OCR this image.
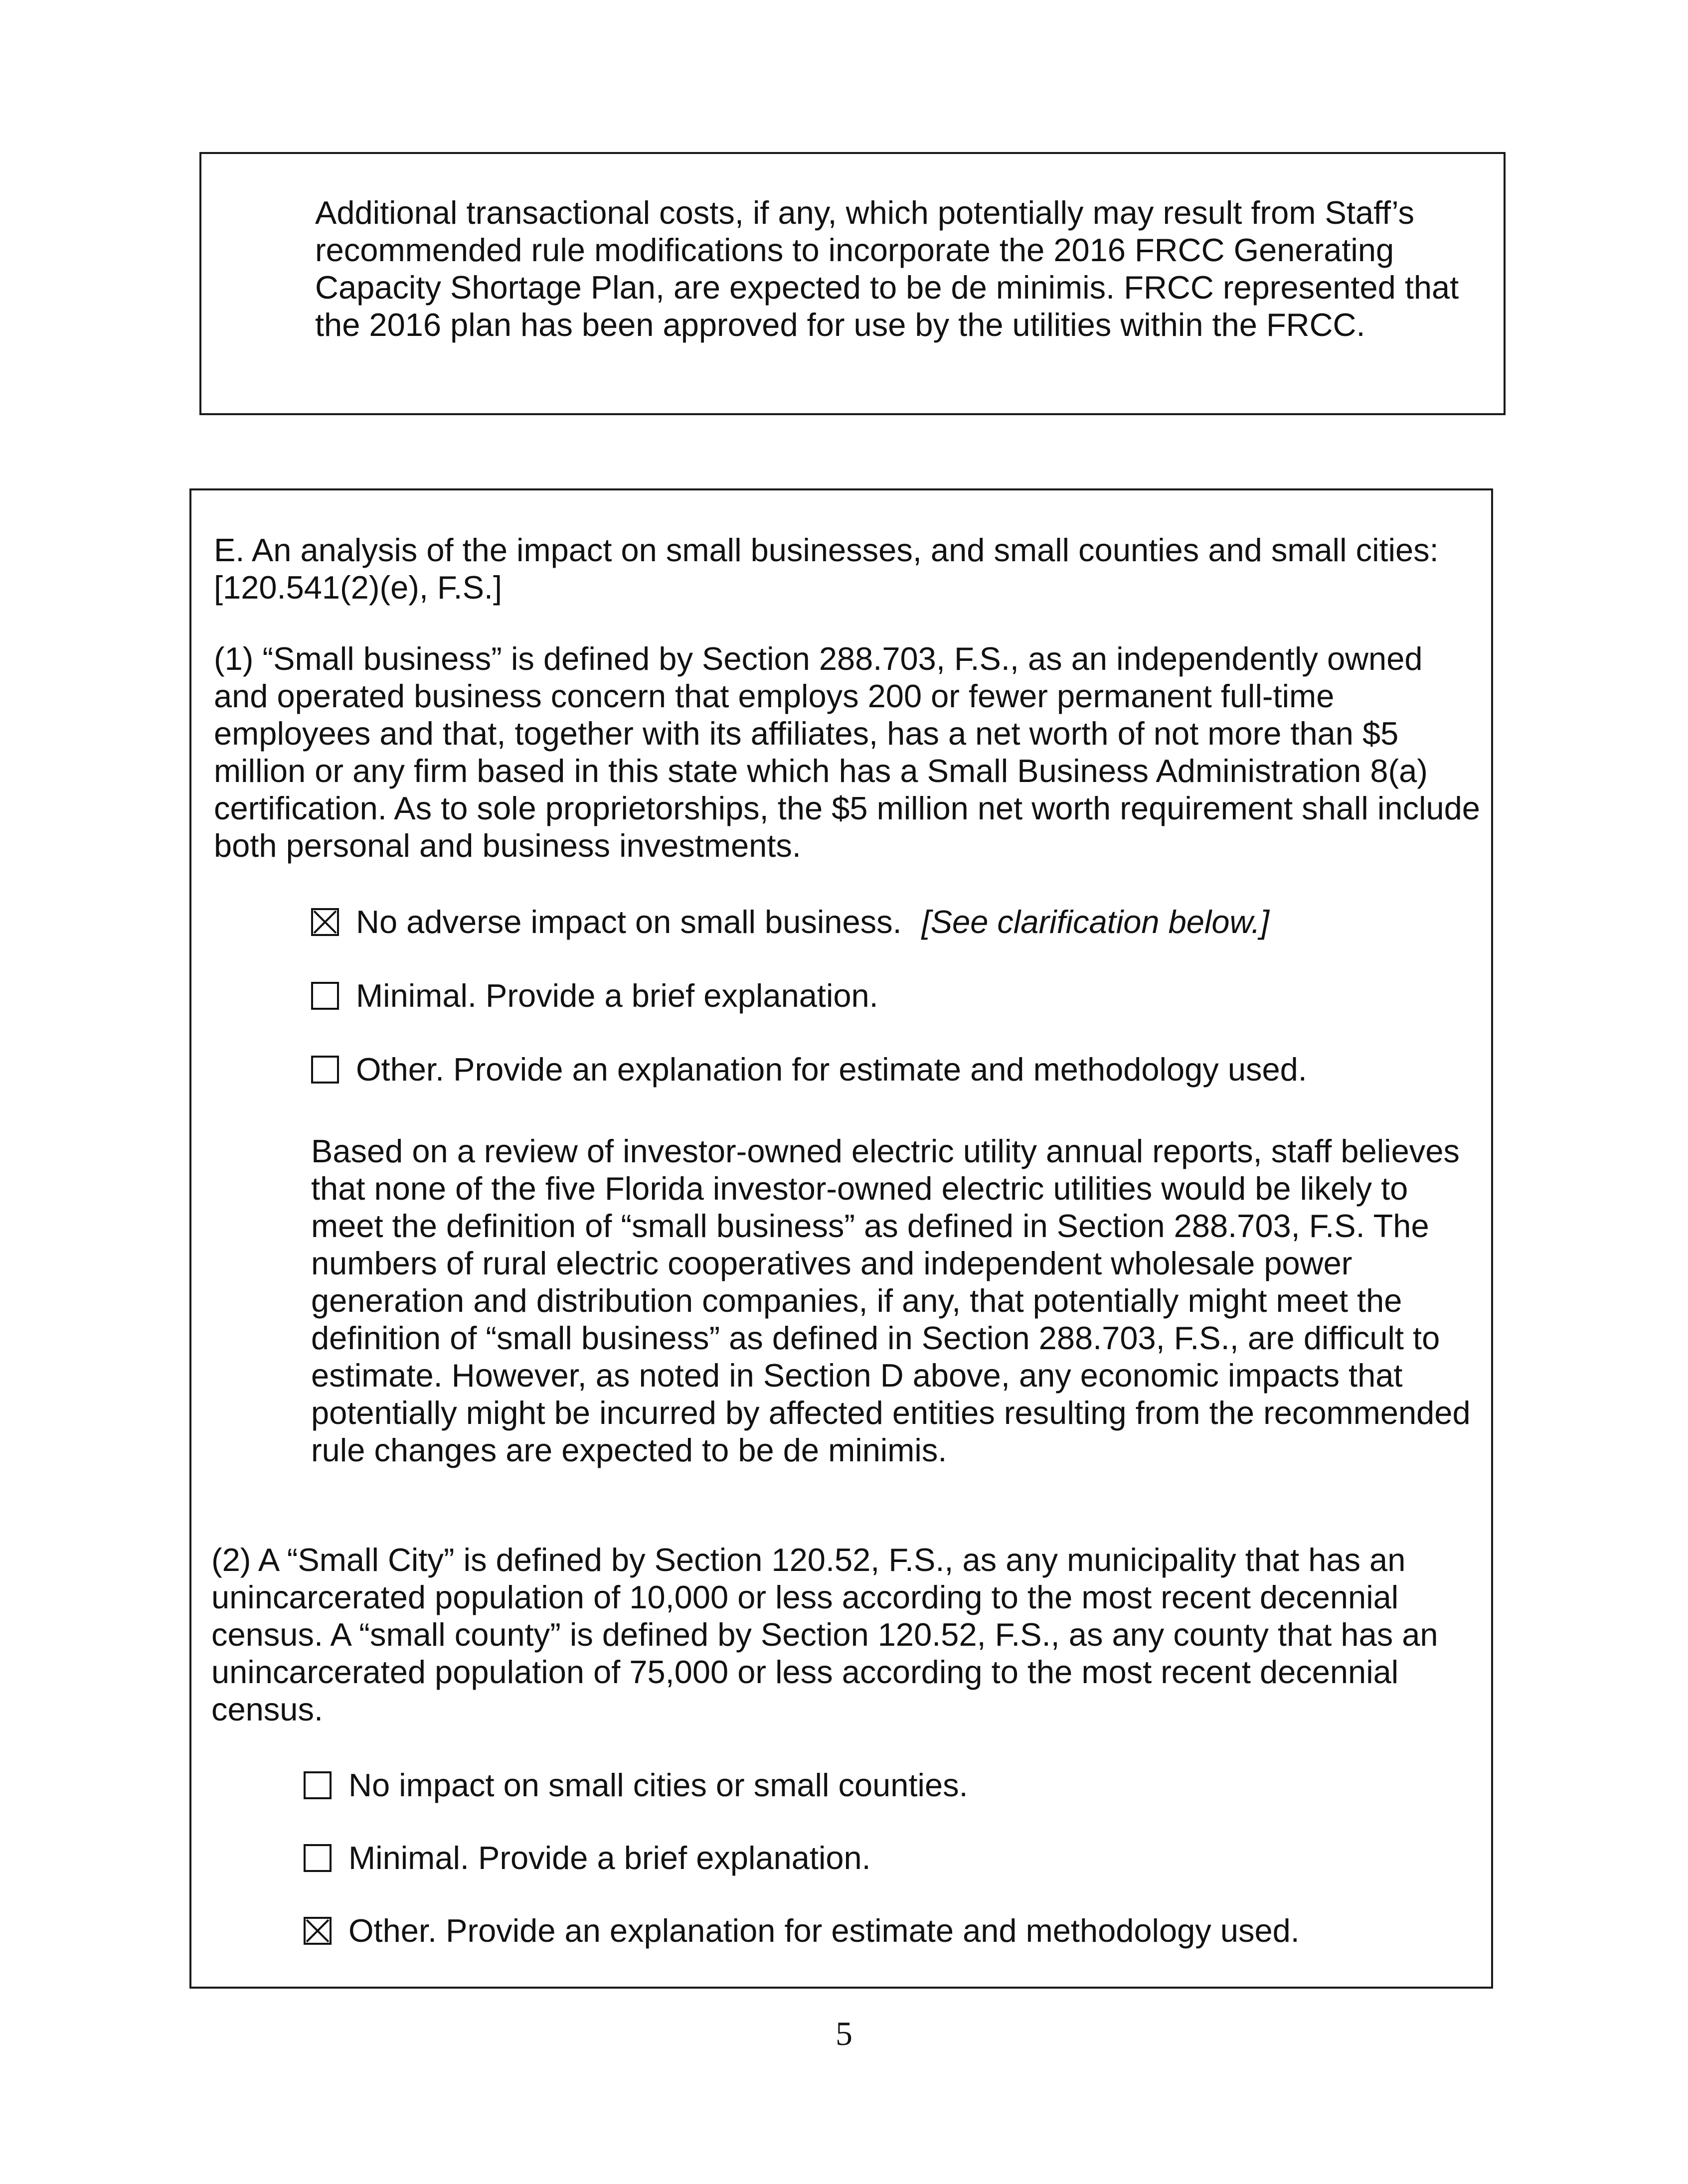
Additional transactional costs, if any, which potentially may result from Staff’s recommended rule modifications to incorporate the 2016 FRCC Generating Capacity Shortage Plan, are expected to be de minimis. FRCC represented that the 2016 plan has been approved for use by the utilities within the FRCC.

E. An analysis of the impact on small businesses, and small counties and small cities: [120.541(2)(e), F.S.]

(1) “Small business” is defined by Section 288.703, F.S., as an independently owned and operated business concern that employs 200 or fewer permanent full-time employees and that, together with its affiliates, has a net worth of not more than $5 million or any firm based in this state which has a Small Business Administration 8(a) certification. As to sole proprietorships, the $5 million net worth requirement shall include both personal and business investments.

No adverse impact on small business. [See clarification below.]
Minimal. Provide a brief explanation.
Other. Provide an explanation for estimate and methodology used.

Based on a review of investor-owned electric utility annual reports, staff believes that none of the five Florida investor-owned electric utilities would be likely to meet the definition of “small business” as defined in Section 288.703, F.S. The numbers of rural electric cooperatives and independent wholesale power generation and distribution companies, if any, that potentially might meet the definition of “small business” as defined in Section 288.703, F.S., are difficult to estimate. However, as noted in Section D above, any economic impacts that potentially might be incurred by affected entities resulting from the recommended rule changes are expected to be de minimis.

(2) A “Small City” is defined by Section 120.52, F.S., as any municipality that has an unincarcerated population of 10,000 or less according to the most recent decennial census. A “small county” is defined by Section 120.52, F.S., as any county that has an unincarcerated population of 75,000 or less according to the most recent decennial census.

No impact on small cities or small counties.
Minimal. Provide a brief explanation.
Other. Provide an explanation for estimate and methodology used.
5
